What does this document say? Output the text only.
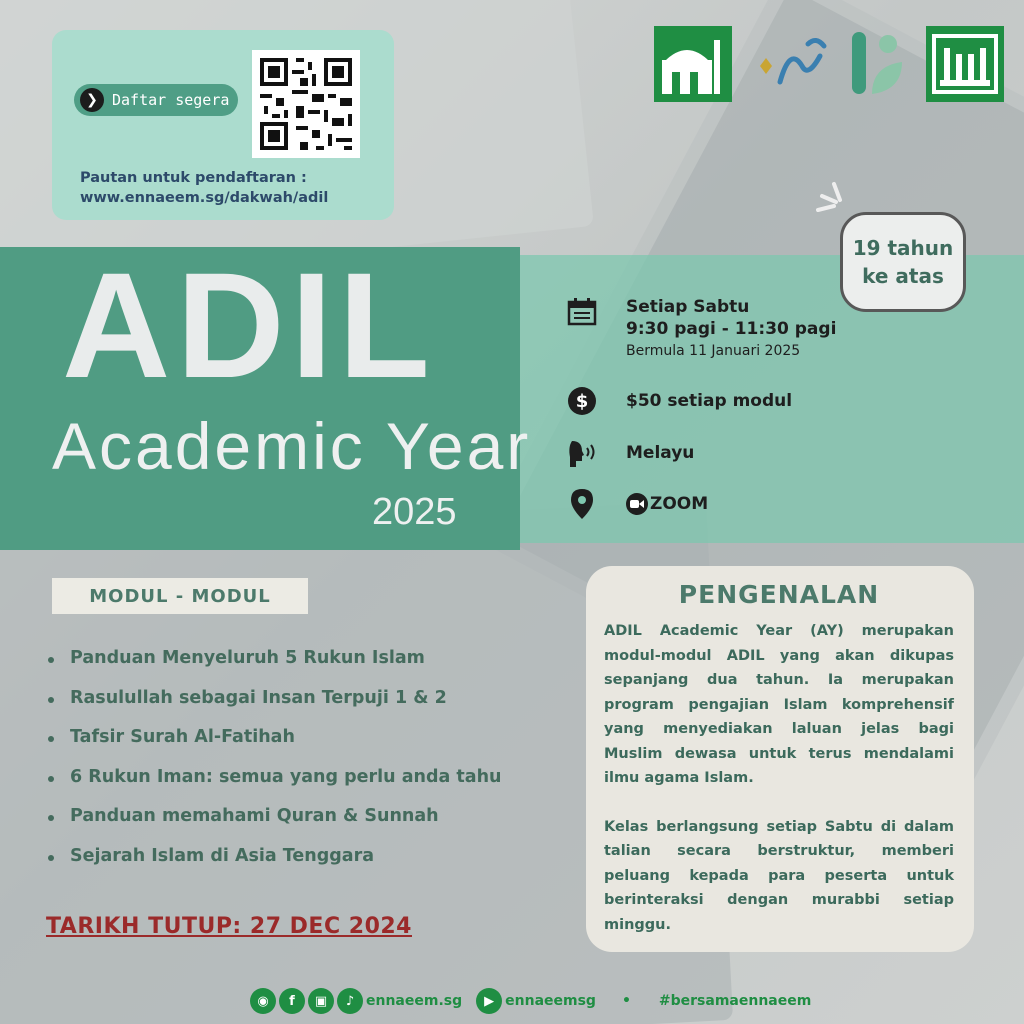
❯ Daftar segera
Pautan untuk pendaftaran :
www.ennaeem.sg/dakwah/adil
ADIL
Academic Year
2025
19 tahun
ke atas
Setiap Sabtu
9:30 pagi - 11:30 pagi
Bermula 11 Januari 2025
$ $50 setiap modul
Melayu
ZOOM
MODUL - MODUL
Panduan Menyeluruh 5 Rukun Islam
Rasulullah sebagai Insan Terpuji 1 & 2
Tafsir Surah Al-Fatihah
6 Rukun Iman: semua yang perlu anda tahu
Panduan memahami Quran & Sunnah
Sejarah Islam di Asia Tenggara
TARIKH TUTUP: 27 DEC 2024
PENGENALAN

ADIL Academic Year (AY) merupakan modul-modul ADIL yang akan dikupas sepanjang dua tahun. Ia merupakan program pengajian Islam komprehensif yang menyediakan laluan jelas bagi Muslim dewasa untuk terus mendalami ilmu agama Islam.

Kelas berlangsung setiap Sabtu di dalam talian secara berstruktur, memberi peluang kepada para peserta untuk berinteraksi dengan murabbi setiap minggu.

◉	f	▣	♪ ennaeem.sg	▶ ennaeemsg • #bersamaennaeem
